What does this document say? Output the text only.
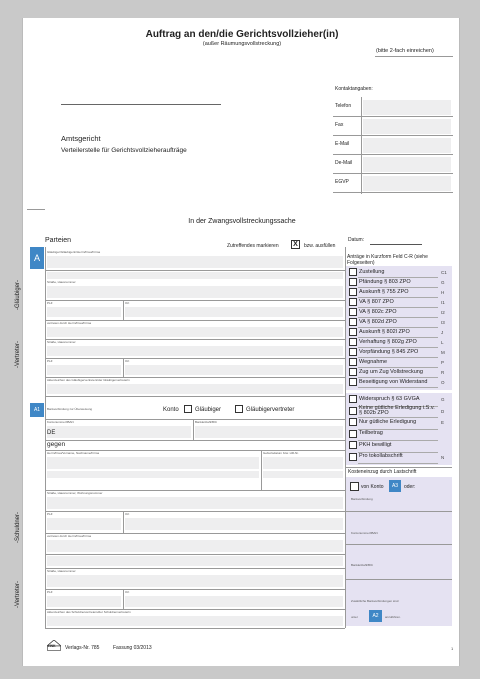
Auftrag an den/die Gerichtsvollzieher(in)
(außer Räumungsvollstreckung)
(bitte 2-fach einreichen)
Kontaktangaben:
Amtsgericht
Verteilerstelle für Gerichtsvollzieheraufträge
In der Zwangsvollstreckungssache
Parteien	Datum:
Zutreffendes markieren	X	bzw. ausfüllen
-Gläubiger-
-Vertreter-
-Schuldner-
-Vertreter-
A
Gläubiger/Gläubigerin/Herrn/Frau/Firma
Straße, Hausnummer
PLZ	Ort
vertreten durch Herrn/Frau/Firma
Straße, Hausnummer
PLZ	Ort
Aktenzeichen des Gläubigervertreters/der Gläubigervertreterin
A1	Bankverbindung zur Überweisung	Konto	Gläubiger	Gläubigervertreter
Kontonummer/IBAN	Bankleitzahl/BIC
DE
gegen
Herrn/Frau/Vorname, Nachname/Firma	Geburtsdatum bzw. HR-Nr.
Straße, Hausnummer, Wohnungsnummer
PLZ	Ort
vertreten durch Herrn/Frau/Firma
Straße, Hausnummer
PLZ	Ort
Aktenzeichen des Schuldnervertreters/der Schuldnervertreterin
Anträge in Kurzform Feld C-R (siehe Folgeseiten)
Kosteneinzug durch Lastschrift
von Konto	A3	oder:
Bankverbindung
Kontonummer/IBAN
Bankleitzahl/BIC
Zusätzliche Bankverbindungen sind
unter	A2	anzuführen.
HNK Verlags-Nr. 785	Fassung 03/2013	1
Telefon
Fax
E-Mail
De-Mail
EGVP
Zustellung	C1
Pfändung § 803 ZPO	G
Auskunft § 755 ZPO	H
VA § 807 ZPO	I1
VA § 802c ZPO	I2
VA § 802d ZPO	I3
Auskunft § 802l ZPO	J
Verhaftung § 802g ZPO	L
Vorpfändung § 845 ZPO	M
Wegnahme	P
Zug um Zug Vollstreckung	R
Beseitigung von Widerstand	O
Widerspruch § 63 GVGA	G
Keine gütliche Erledigung i.S.v. § 802b ZPO	D
Nur gütliche Erledigung	E
Teilbetrag
PKH bewilligt
Pro tokollabschrift	N
